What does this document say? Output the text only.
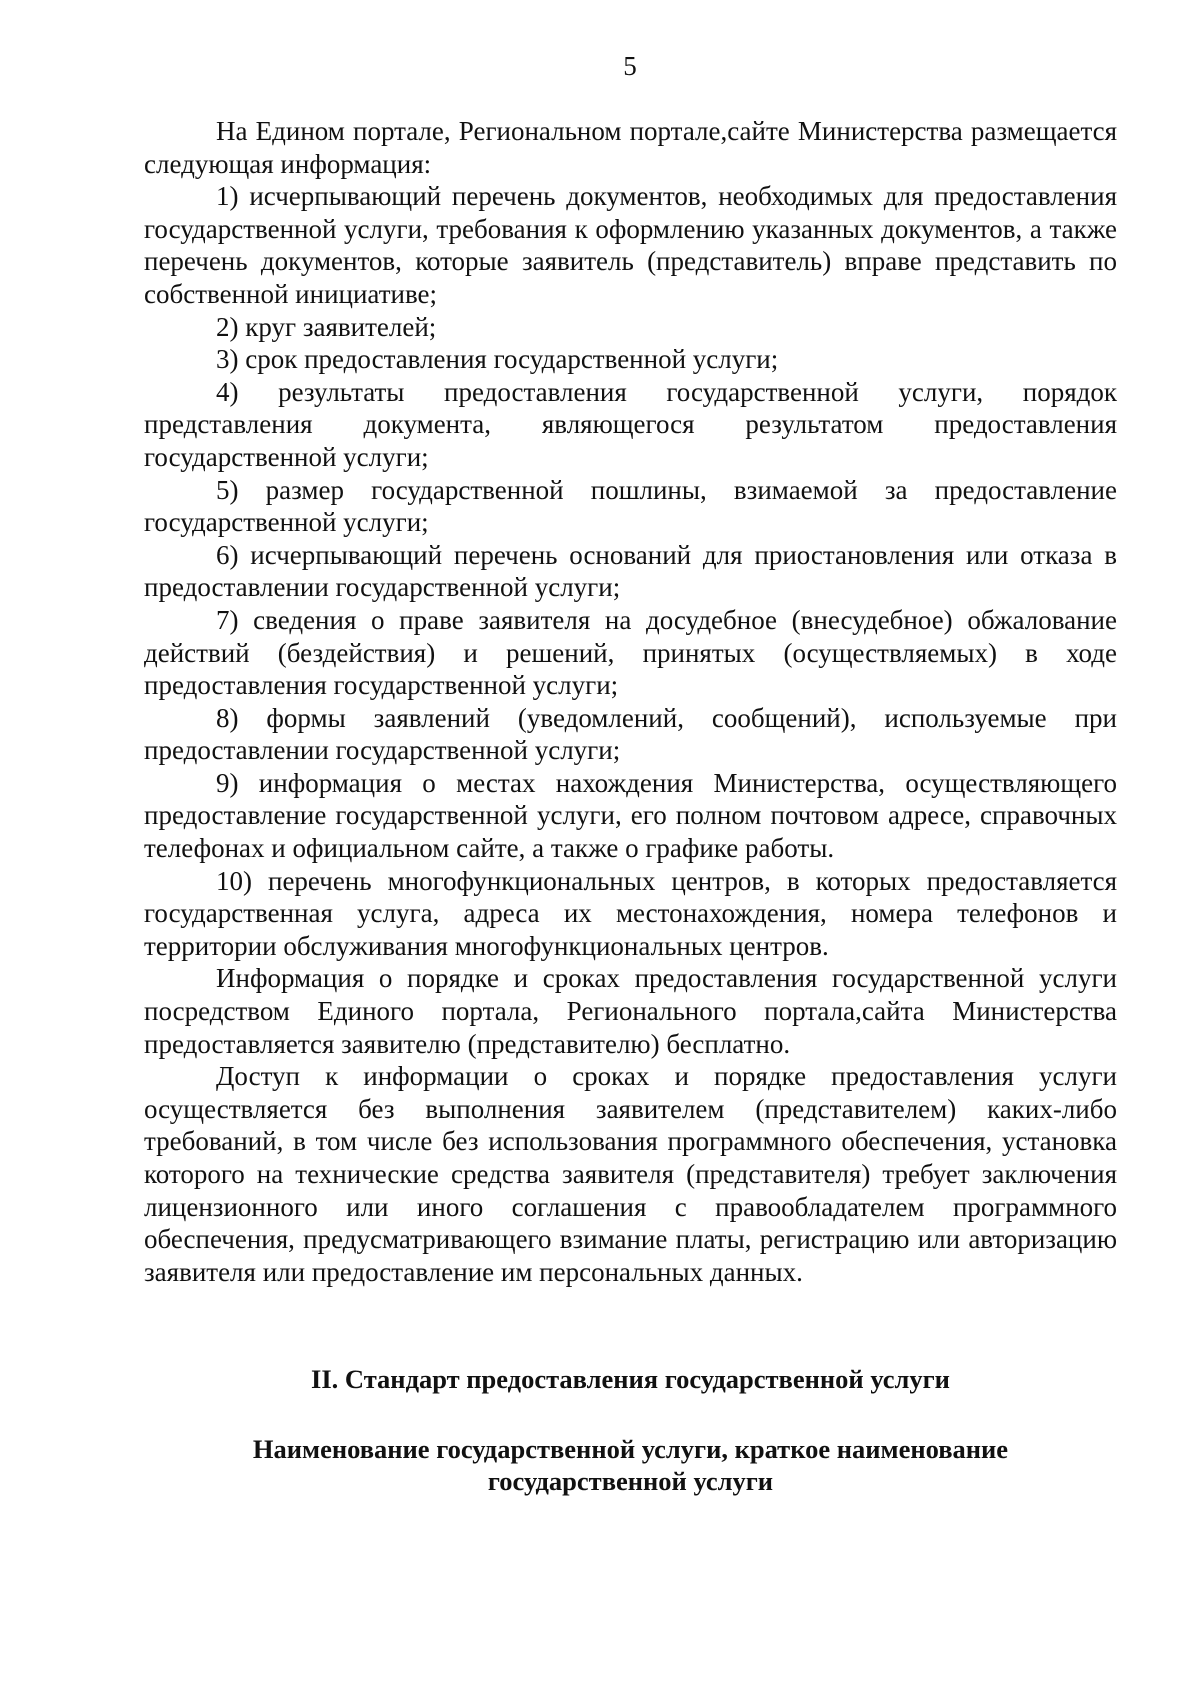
5

На Едином портале, Региональном портале,сайте Министерства размещается следующая информация:

1) исчерпывающий перечень документов, необходимых для предоставления государственной услуги, требования к оформлению указанных документов, а также перечень документов, которые заявитель (представитель) вправе представить по собственной инициативе;

2) круг заявителей;

3) срок предоставления государственной услуги;

4) результаты предоставления государственной услуги, порядок представления документа, являющегося результатом предоставления государственной услуги;

5) размер государственной пошлины, взимаемой за предоставление государственной услуги;

6) исчерпывающий перечень оснований для приостановления или отказа в предоставлении государственной услуги;

7) сведения о праве заявителя на досудебное (внесудебное) обжалование действий (бездействия) и решений, принятых (осуществляемых) в ходе предоставления государственной услуги;

8) формы заявлений (уведомлений, сообщений), используемые при предоставлении государственной услуги;

9) информация о местах нахождения Министерства, осуществляющего предоставление государственной услуги, его полном почтовом адресе, справочных телефонах и официальном сайте, а также о графике работы.

10) перечень многофункциональных центров, в которых предоставляется государственная услуга, адреса их местонахождения, номера телефонов и территории обслуживания многофункциональных центров.

Информация о порядке и сроках предоставления государственной услуги посредством Единого портала, Регионального портала,сайта Министерства предоставляется заявителю (представителю) бесплатно.

Доступ к информации о сроках и порядке предоставления услуги осуществляется без выполнения заявителем (представителем) каких-либо требований, в том числе без использования программного обеспечения, установка которого на технические средства заявителя (представителя) требует заключения лицензионного или иного соглашения с правообладателем программного обеспечения, предусматривающего взимание платы, регистрацию или авторизацию заявителя или предоставление им персональных данных.

II. Стандарт предоставления государственной услуги
Наименование государственной услуги, краткое наименование государственной услуги
